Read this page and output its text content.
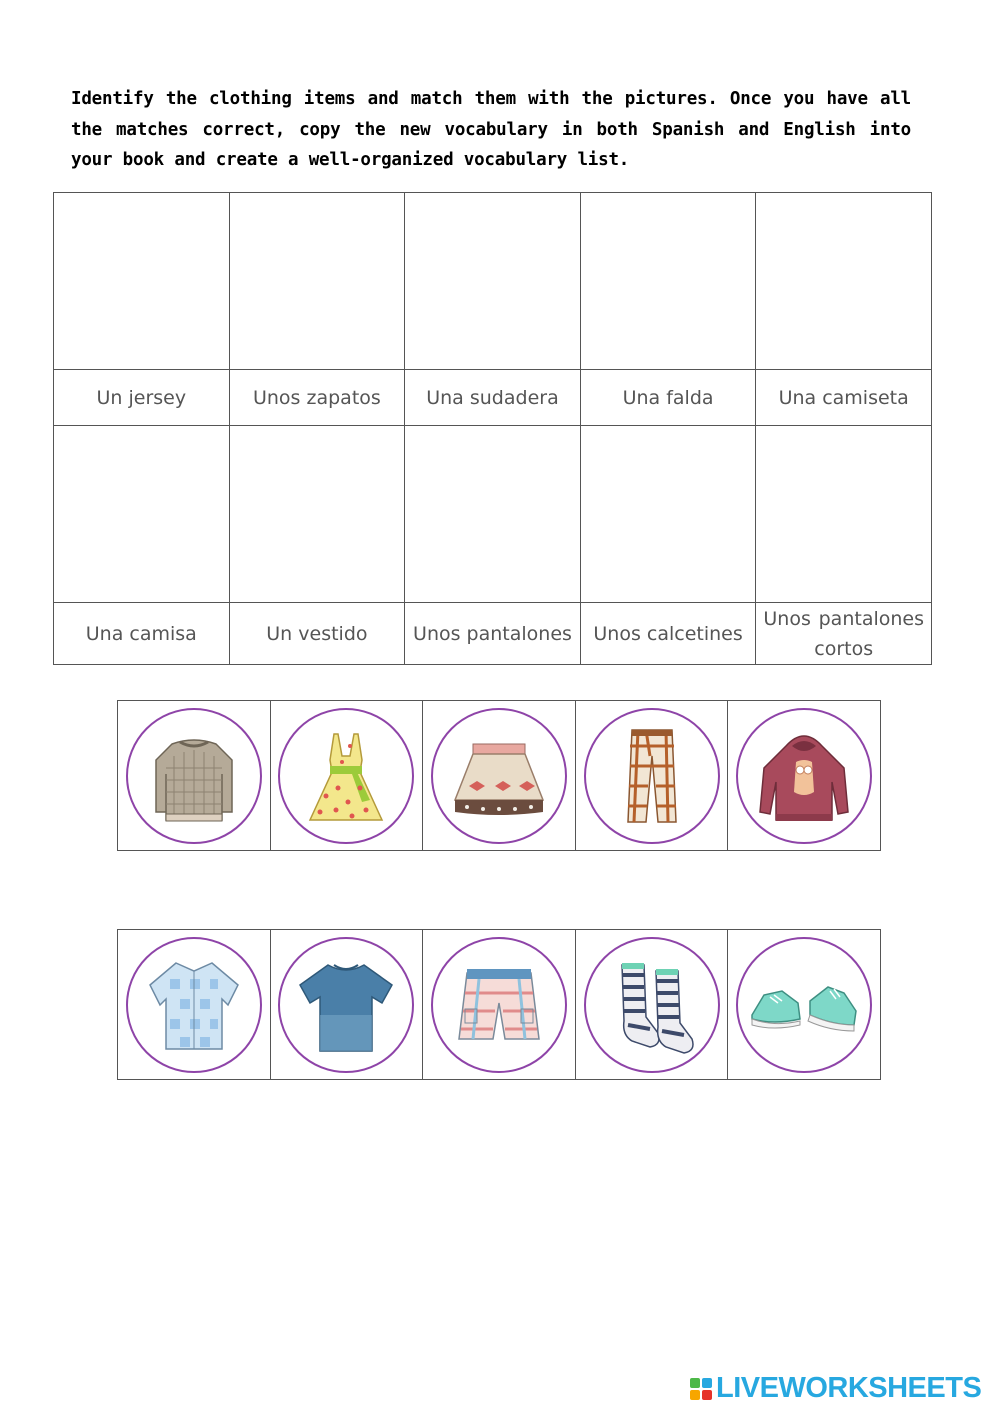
Identify the clothing items and match them with the pictures. Once you have all the matches correct, copy the new vocabulary in both Spanish and English into your book and create a well-organized vocabulary list.

Un jersey	Unos zapatos	Una sudadera	Una falda	Una camiseta

Una camisa	Un vestido	Unos pantalones	Unos calcetines	Unos pantalones
cortos
LIVEWORKSHEETS
